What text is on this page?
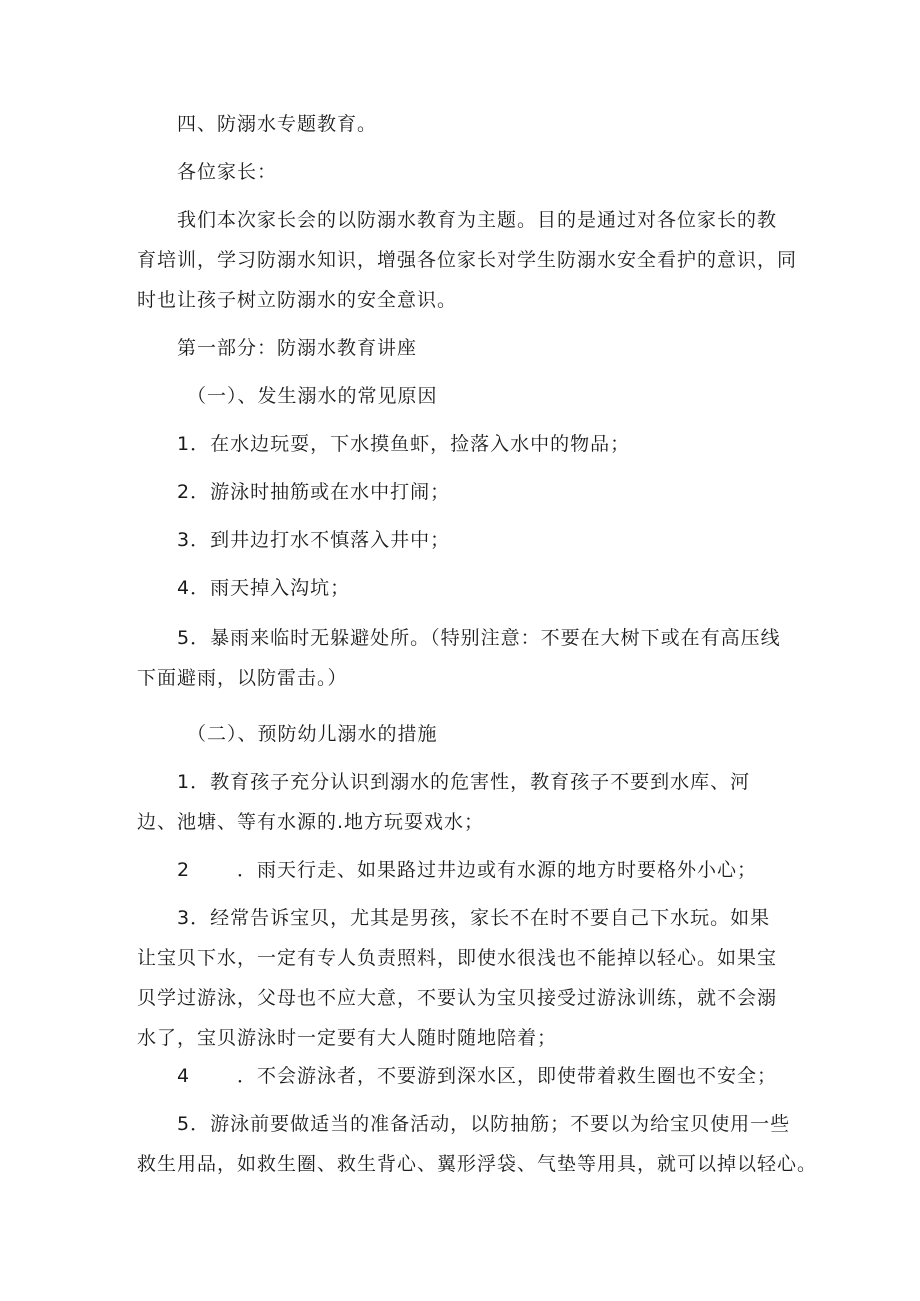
四、防溺水专题教育。

各位家长：

我们本次家长会的以防溺水教育为主题。目的是通过对各位家长的教
育培训，学习防溺水知识，增强各位家长对学生防溺水安全看护的意识，同
时也让孩子树立防溺水的安全意识。

第一部分：防溺水教育讲座

（一）、发生溺水的常见原因

1．在水边玩耍，下水摸鱼虾，捡落入水中的物品；

2．游泳时抽筋或在水中打闹；

3．到井边打水不慎落入井中；

4．雨天掉入沟坑；

5．暴雨来临时无躲避处所。（特别注意：不要在大树下或在有高压线
下面避雨，以防雷击。）

（二）、预防幼儿溺水的措施

1．教育孩子充分认识到溺水的危害性，教育孩子不要到水库、河
边、池塘、等有水源的.地方玩耍戏水；

2 ．雨天行走、如果路过井边或有水源的地方时要格外小心；

3．经常告诉宝贝，尤其是男孩，家长不在时不要自己下水玩。如果
让宝贝下水，一定有专人负责照料，即使水很浅也不能掉以轻心。如果宝
贝学过游泳，父母也不应大意，不要认为宝贝接受过游泳训练，就不会溺
水了，宝贝游泳时一定要有大人随时随地陪着；

4 ．不会游泳者，不要游到深水区，即使带着救生圈也不安全；

5．游泳前要做适当的准备活动，以防抽筋；不要以为给宝贝使用一些
救生用品，如救生圈、救生背心、翼形浮袋、气垫等用具，就可以掉以轻心。
